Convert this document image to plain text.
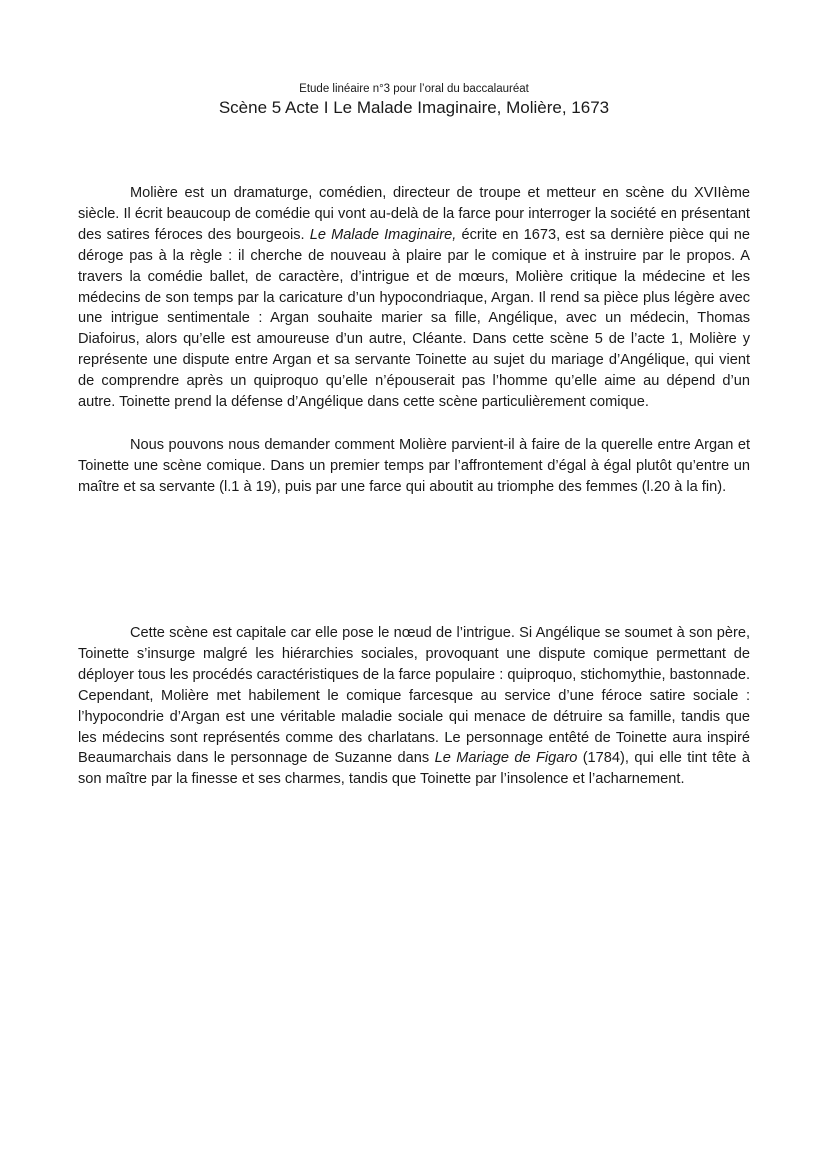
Etude linéaire n°3 pour l’oral du baccalauréat
Scène 5 Acte I Le Malade Imaginaire, Molière, 1673

Molière est un dramaturge, comédien, directeur de troupe et metteur en scène du XVIIème siècle. Il écrit beaucoup de comédie qui vont au-delà de la farce pour interroger la société en présentant des satires féroces des bourgeois. Le Malade Imaginaire, écrite en 1673, est sa dernière pièce qui ne déroge pas à la règle : il cherche de nouveau à plaire par le comique et à instruire par le propos. A travers la comédie ballet, de caractère, d’intrigue et de mœurs, Molière critique la médecine et les médecins de son temps par la caricature d’un hypocondriaque, Argan. Il rend sa pièce plus légère avec une intrigue sentimentale : Argan souhaite marier sa fille, Angélique, avec un médecin, Thomas Diafoirus, alors qu’elle est amoureuse d’un autre, Cléante. Dans cette scène 5 de l’acte 1, Molière y représente une dispute entre Argan et sa servante Toinette au sujet du mariage d’Angélique, qui vient de comprendre après un quiproquo qu’elle n’épouserait pas l’homme qu’elle aime au dépend d’un autre. Toinette prend la défense d’Angélique dans cette scène particulièrement comique.

Nous pouvons nous demander comment Molière parvient-il à faire de la querelle entre Argan et Toinette une scène comique. Dans un premier temps par l’affrontement d’égal à égal plutôt qu’entre un maître et sa servante (l.1 à 19), puis par une farce qui aboutit au triomphe des femmes (l.20 à la fin).

Cette scène est capitale car elle pose le nœud de l’intrigue. Si Angélique se soumet à son père, Toinette s’insurge malgré les hiérarchies sociales, provoquant une dispute comique permettant de déployer tous les procédés caractéristiques de la farce populaire : quiproquo, stichomythie, bastonnade. Cependant, Molière met habilement le comique farcesque au service d’une féroce satire sociale : l’hypocondrie d’Argan est une véritable maladie sociale qui menace de détruire sa famille, tandis que les médecins sont représentés comme des charlatans. Le personnage entêté de Toinette aura inspiré Beaumarchais dans le personnage de Suzanne dans Le Mariage de Figaro (1784), qui elle tint tête à son maître par la finesse et ses charmes, tandis que Toinette par l’insolence et l’acharnement.
